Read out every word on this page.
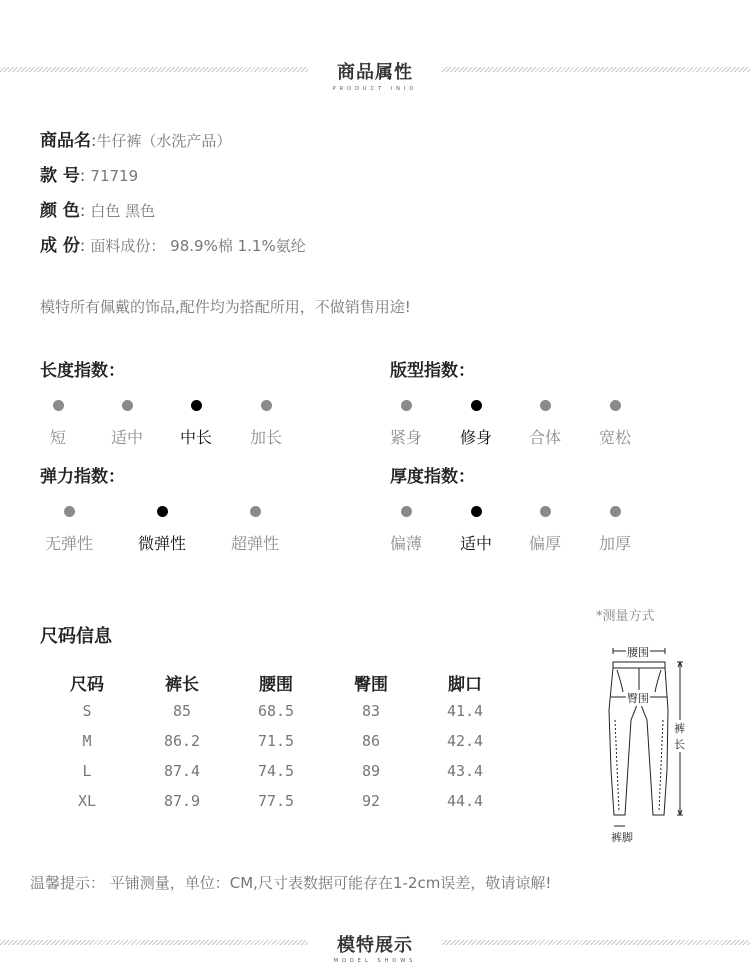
商品属性
PRODUCT INIO
商品名:牛仔裤（水洗产品）
款 号: 71719
颜 色: 白色 黑色
成 份: 面料成份： 98.9%棉 1.1%氨纶
模特所有佩戴的饰品,配件均为搭配所用，不做销售用途!
长度指数：	版型指数：
弹力指数：	厚度指数：
短	适中 中长 加长	紧身 修身 合体 宽松
无弹性	微弹性	超弹性	偏薄 适中 偏厚 加厚
尺码信息
尺码	裤长	腰围	臀围	脚口
S	85	68.5	83	41.4
M	86.2	71.5	86	42.4
L	87.4	74.5	89	43.4
XL	87.9	77.5	92	44.4
*测量方式
腰围
臀围
裤
长
裤脚
温馨提示： 平铺测量，单位：CM,尺寸表数据可能存在1-2cm误差，敬请谅解!
模特展示
MODEL SHOWS
